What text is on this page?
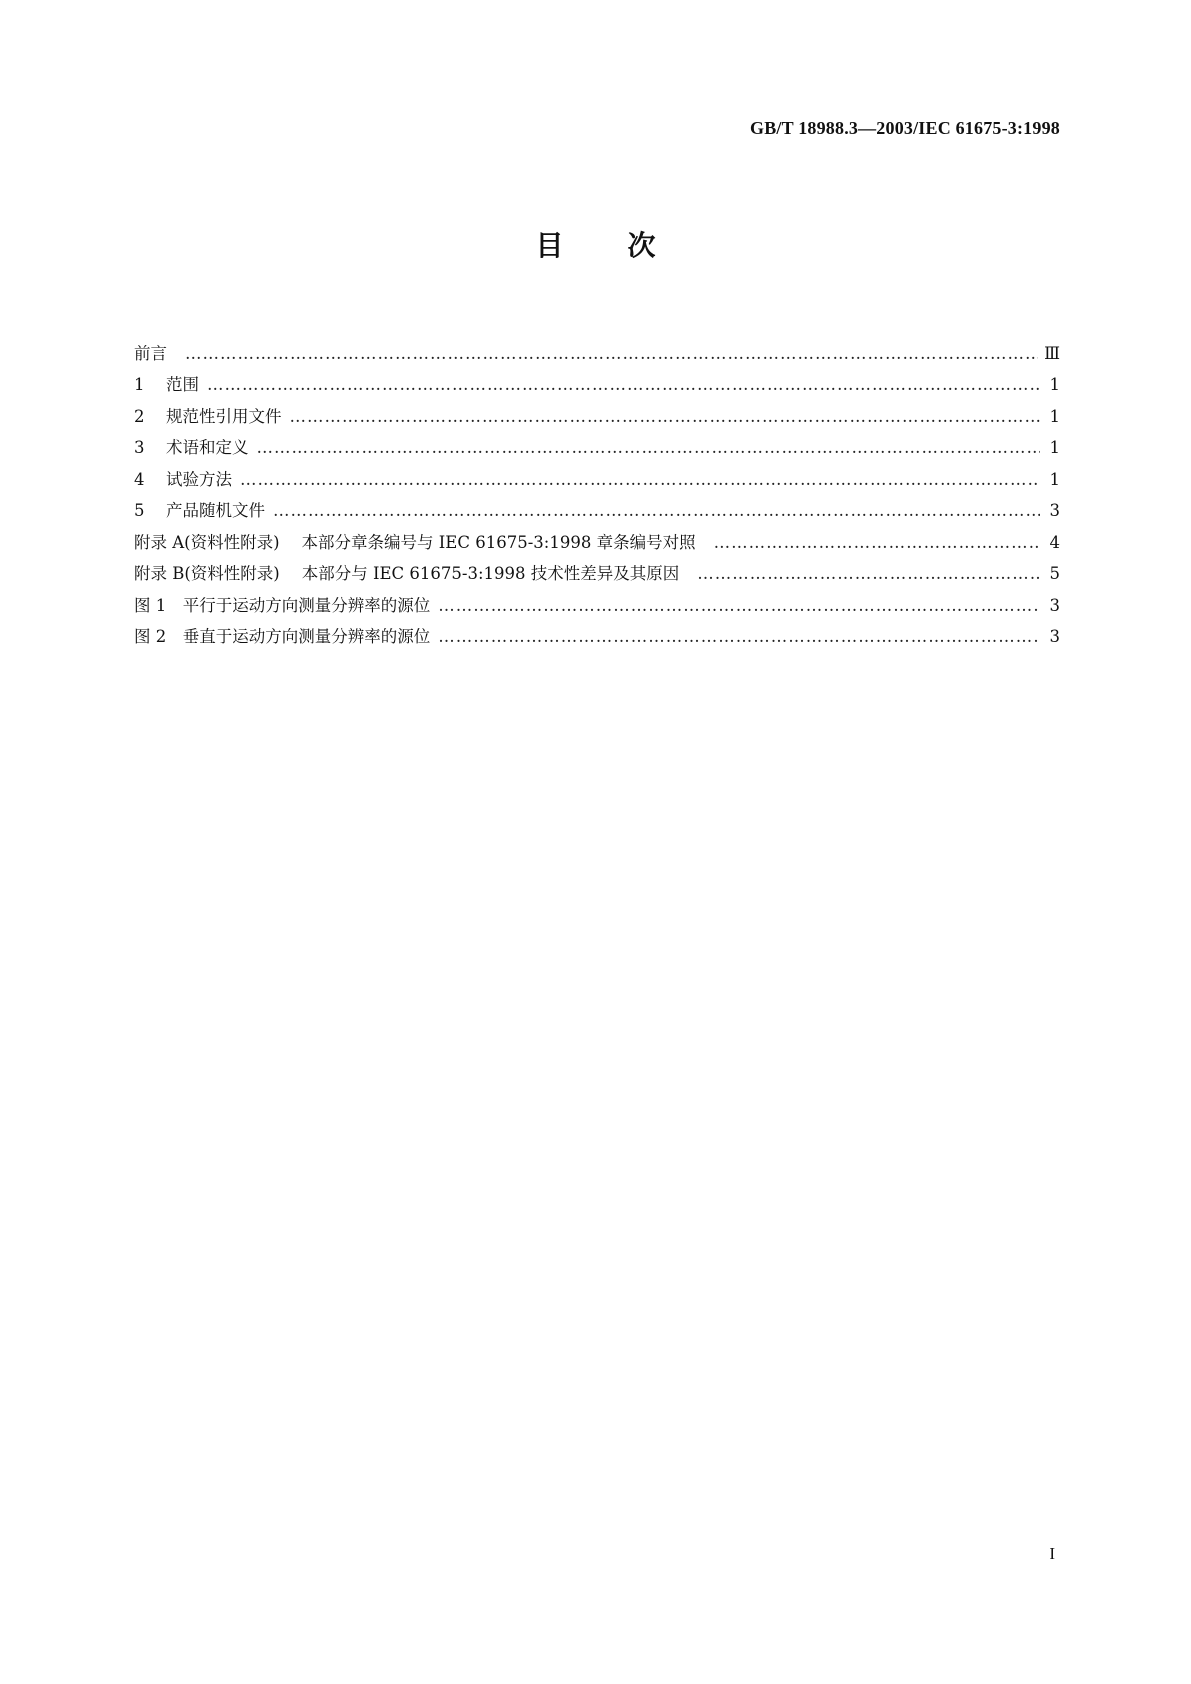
GB/T 18988.3—2003/IEC 61675-3:1998
目 次
前言 ……………………………………………………………………………………………………………………………………………………………………………………………………………………	Ⅲ
1	范围 ……………………………………………………………………………………………………………………………………………………………………………………………………………………	1
2	规范性引用文件 ……………………………………………………………………………………………………………………………………………………………………………………………………………………	1
3	术语和定义 ……………………………………………………………………………………………………………………………………………………………………………………………………………………	1
4	试验方法 ……………………………………………………………………………………………………………………………………………………………………………………………………………………	1
5	产品随机文件 ……………………………………………………………………………………………………………………………………………………………………………………………………………………	3
附录 A(资料性附录) 本部分章条编号与 IEC 61675-3:1998 章条编号对照 ……………………………………………………………………………………………………………………………………………………………………………………………………………………	4
附录 B(资料性附录) 本部分与 IEC 61675-3:1998 技术性差异及其原因 ……………………………………………………………………………………………………………………………………………………………………………………………………………………	5
图 1　平行于运动方向测量分辨率的源位 ……………………………………………………………………………………………………………………………………………………………………………………………………………………	3
图 2　垂直于运动方向测量分辨率的源位 ……………………………………………………………………………………………………………………………………………………………………………………………………………………	3
I
